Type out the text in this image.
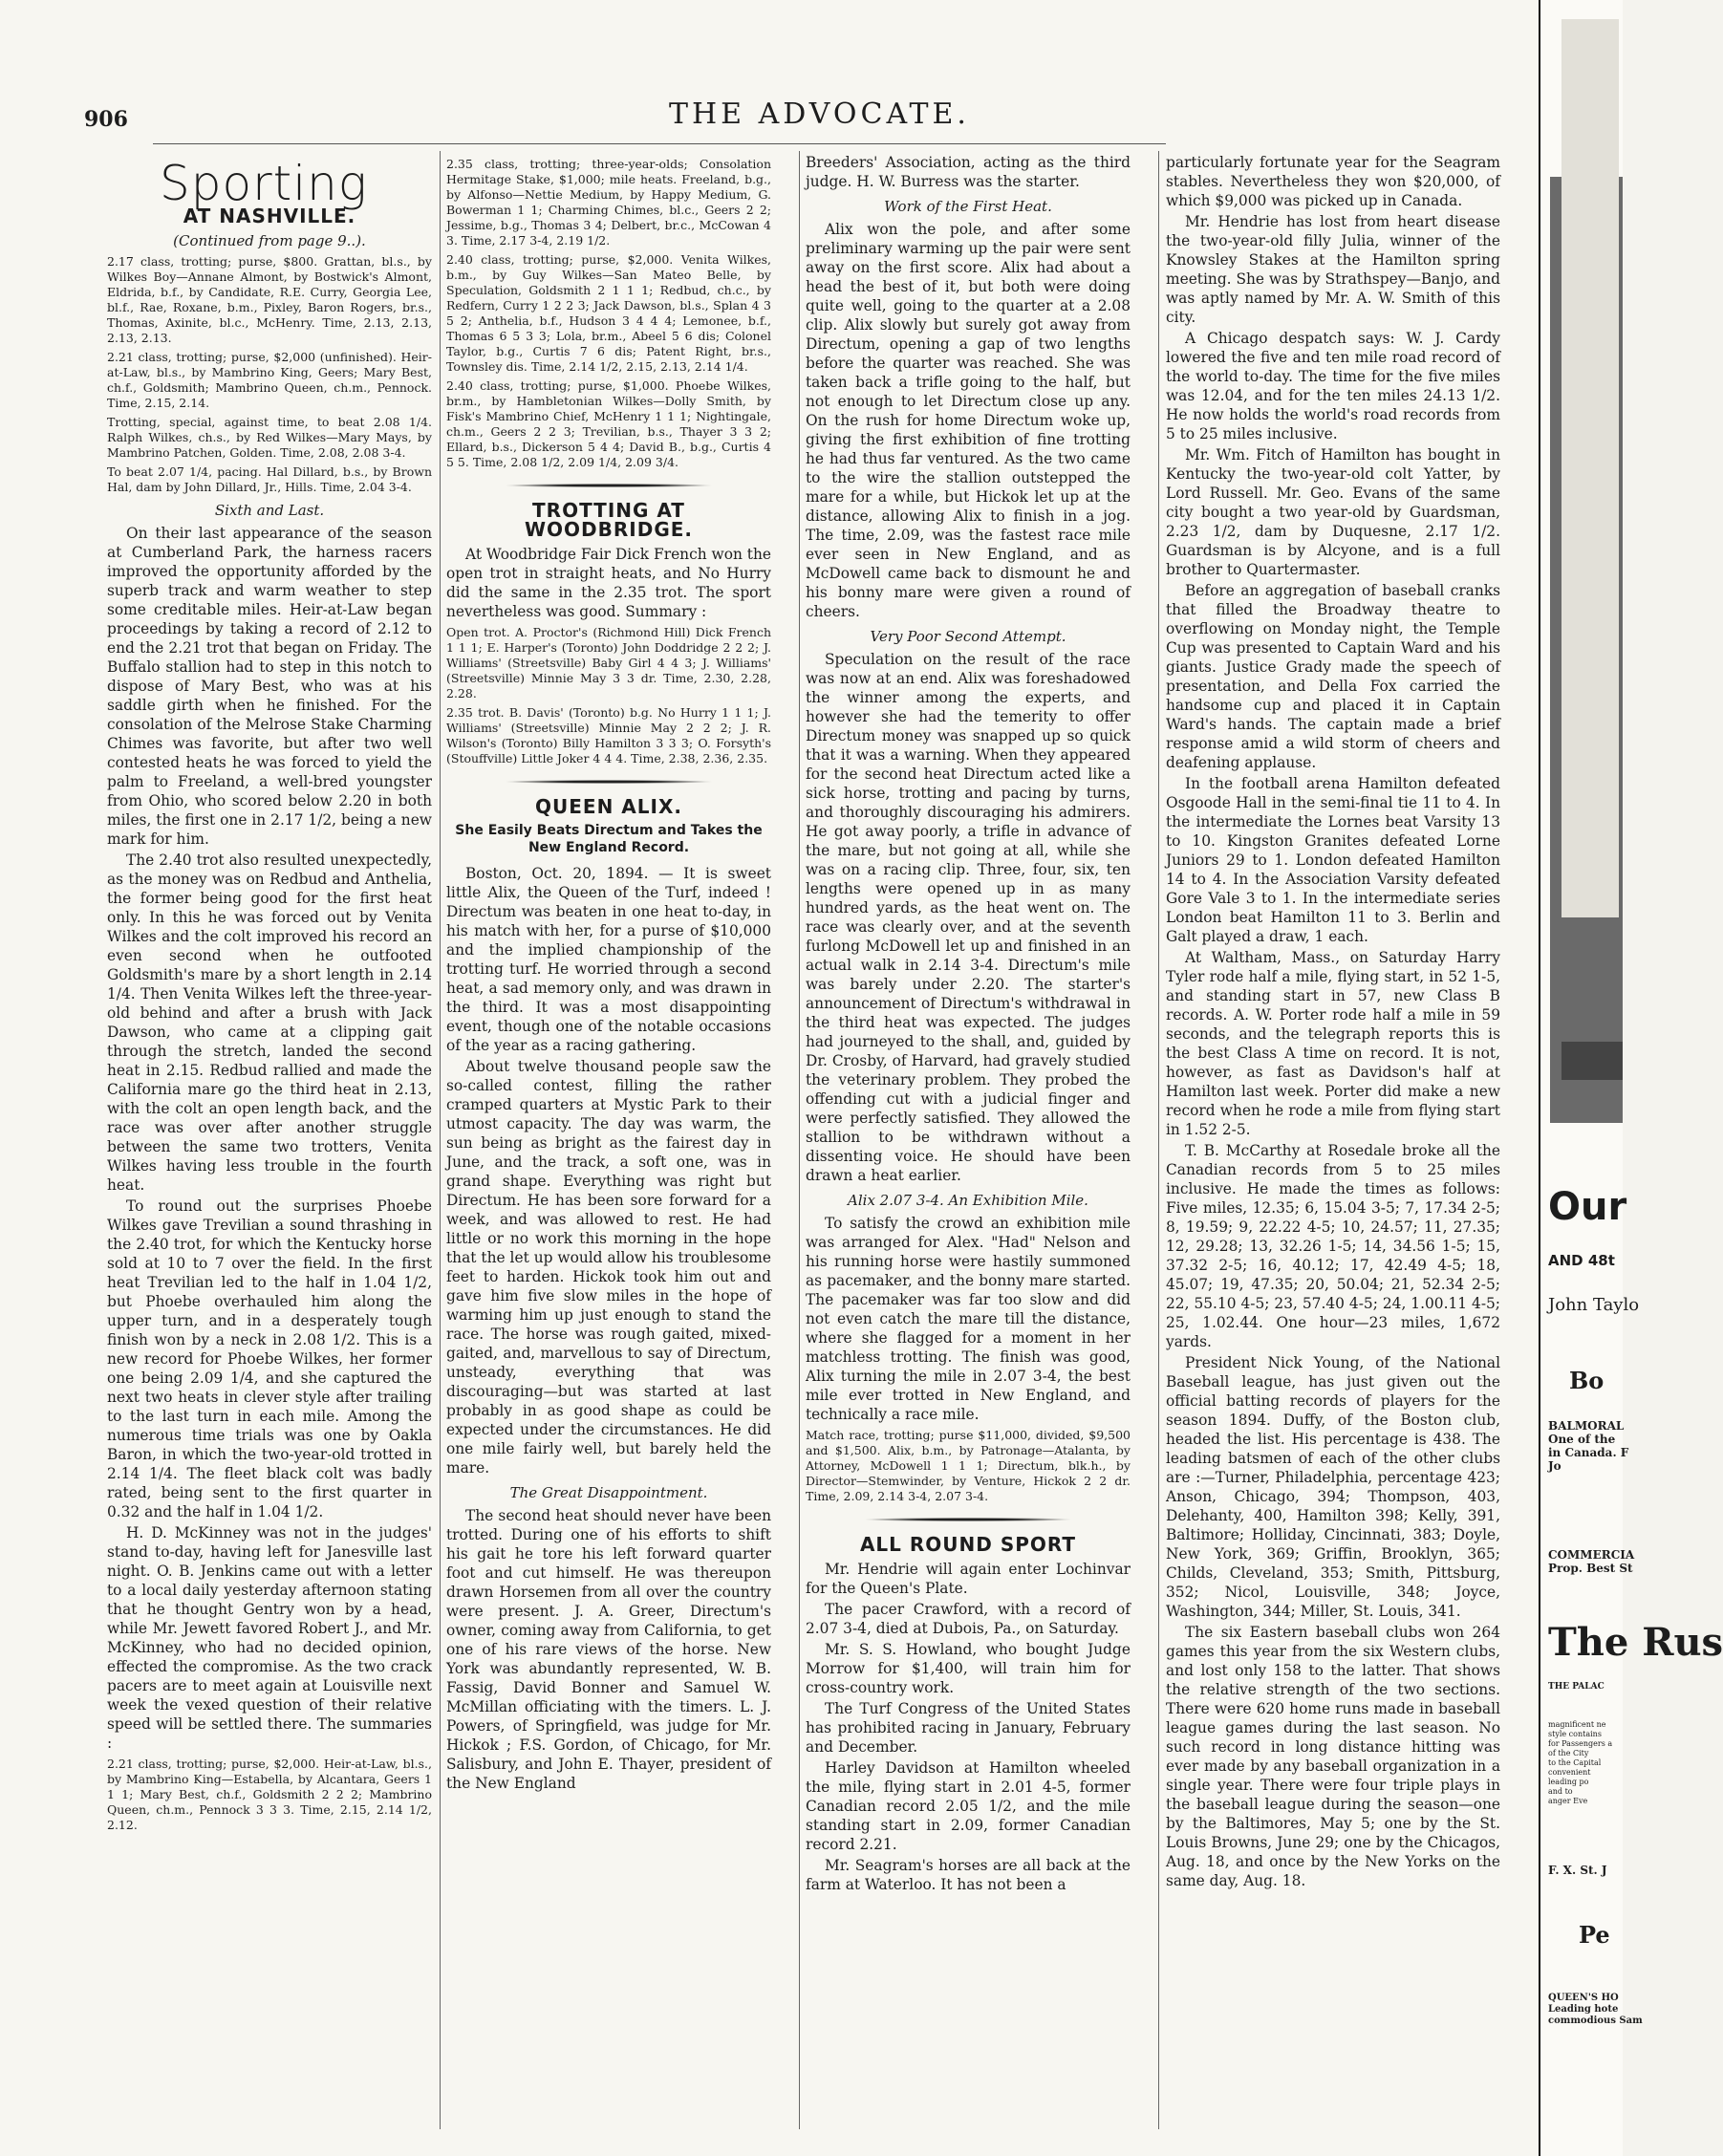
906	THE ADVOCATE.
Sporting
AT NASHVILLE.
(Continued from page 9..).

2.17 class, trotting; purse, $800. Grattan, bl.s., by Wilkes Boy—Annane Almont, by Bostwick's Almont, Eldrida, b.f., by Candidate, R.E. Curry, Georgia Lee, bl.f., Rae, Roxane, b.m., Pixley, Baron Rogers, br.s., Thomas, Axinite, bl.c., McHenry. Time, 2.13, 2.13, 2.13, 2.13.

2.21 class, trotting; purse, $2,000 (unfinished). Heir-at-Law, bl.s., by Mambrino King, Geers; Mary Best, ch.f., Goldsmith; Mambrino Queen, ch.m., Pennock. Time, 2.15, 2.14.

Trotting, special, against time, to beat 2.08 1/4. Ralph Wilkes, ch.s., by Red Wilkes—Mary Mays, by Mambrino Patchen, Golden. Time, 2.08, 2.08 3-4.

To beat 2.07 1/4, pacing. Hal Dillard, b.s., by Brown Hal, dam by John Dillard, Jr., Hills. Time, 2.04 3-4.

Sixth and Last.

On their last appearance of the season at Cumberland Park, the harness racers improved the opportunity afforded by the superb track and warm weather to step some creditable miles. Heir-at-Law began proceedings by taking a record of 2.12 to end the 2.21 trot that began on Friday. The Buffalo stallion had to step in this notch to dispose of Mary Best, who was at his saddle girth when he finished. For the consolation of the Melrose Stake Charming Chimes was favorite, but after two well contested heats he was forced to yield the palm to Freeland, a well-bred youngster from Ohio, who scored below 2.20 in both miles, the first one in 2.17 1/2, being a new mark for him.

The 2.40 trot also resulted unexpectedly, as the money was on Redbud and Anthelia, the former being good for the first heat only. In this he was forced out by Venita Wilkes and the colt improved his record an even second when he outfooted Goldsmith's mare by a short length in 2.14 1/4. Then Venita Wilkes left the three-year-old behind and after a brush with Jack Dawson, who came at a clipping gait through the stretch, landed the second heat in 2.15. Redbud rallied and made the California mare go the third heat in 2.13, with the colt an open length back, and the race was over after another struggle between the same two trotters, Venita Wilkes having less trouble in the fourth heat.

To round out the surprises Phoebe Wilkes gave Trevilian a sound thrashing in the 2.40 trot, for which the Kentucky horse sold at 10 to 7 over the field. In the first heat Trevilian led to the half in 1.04 1/2, but Phoebe overhauled him along the upper turn, and in a desperately tough finish won by a neck in 2.08 1/2. This is a new record for Phoebe Wilkes, her former one being 2.09 1/4, and she captured the next two heats in clever style after trailing to the last turn in each mile. Among the numerous time trials was one by Oakla Baron, in which the two-year-old trotted in 2.14 1/4. The fleet black colt was badly rated, being sent to the first quarter in 0.32 and the half in 1.04 1/2.

H. D. McKinney was not in the judges' stand to-day, having left for Janesville last night. O. B. Jenkins came out with a letter to a local daily yesterday afternoon stating that he thought Gentry won by a head, while Mr. Jewett favored Robert J., and Mr. McKinney, who had no decided opinion, effected the compromise. As the two crack pacers are to meet again at Louisville next week the vexed question of their relative speed will be settled there. The summaries :

2.21 class, trotting; purse, $2,000. Heir-at-Law, bl.s., by Mambrino King—Estabella, by Alcantara, Geers 1 1 1; Mary Best, ch.f., Goldsmith 2 2 2; Mambrino Queen, ch.m., Pennock 3 3 3. Time, 2.15, 2.14 1/2, 2.12.

2.35 class, trotting; three-year-olds; Consolation Hermitage Stake, $1,000; mile heats. Freeland, b.g., by Alfonso—Nettie Medium, by Happy Medium, G. Bowerman 1 1; Charming Chimes, bl.c., Geers 2 2; Jessime, b.g., Thomas 3 4; Delbert, br.c., McCowan 4 3. Time, 2.17 3-4, 2.19 1/2.

2.40 class, trotting; purse, $2,000. Venita Wilkes, b.m., by Guy Wilkes—San Mateo Belle, by Speculation, Goldsmith 2 1 1 1; Redbud, ch.c., by Redfern, Curry 1 2 2 3; Jack Dawson, bl.s., Splan 4 3 5 2; Anthelia, b.f., Hudson 3 4 4 4; Lemonee, b.f., Thomas 6 5 3 3; Lola, br.m., Abeel 5 6 dis; Colonel Taylor, b.g., Curtis 7 6 dis; Patent Right, br.s., Townsley dis. Time, 2.14 1/2, 2.15, 2.13, 2.14 1/4.

2.40 class, trotting; purse, $1,000. Phoebe Wilkes, br.m., by Hambletonian Wilkes—Dolly Smith, by Fisk's Mambrino Chief, McHenry 1 1 1; Nightingale, ch.m., Geers 2 2 3; Trevilian, b.s., Thayer 3 3 2; Ellard, b.s., Dickerson 5 4 4; David B., b.g., Curtis 4 5 5. Time, 2.08 1/2, 2.09 1/4, 2.09 3/4.

TROTTING AT WOODBRIDGE.

At Woodbridge Fair Dick French won the open trot in straight heats, and No Hurry did the same in the 2.35 trot. The sport nevertheless was good. Summary :

Open trot. A. Proctor's (Richmond Hill) Dick French 1 1 1; E. Harper's (Toronto) John Doddridge 2 2 2; J. Williams' (Streetsville) Baby Girl 4 4 3; J. Williams' (Streetsville) Minnie May 3 3 dr. Time, 2.30, 2.28, 2.28.

2.35 trot. B. Davis' (Toronto) b.g. No Hurry 1 1 1; J. Williams' (Streetsville) Minnie May 2 2 2; J. R. Wilson's (Toronto) Billy Hamilton 3 3 3; O. Forsyth's (Stouffville) Little Joker 4 4 4. Time, 2.38, 2.36, 2.35.

QUEEN ALIX.
She Easily Beats Directum and Takes the New England Record.

Boston, Oct. 20, 1894. — It is sweet little Alix, the Queen of the Turf, indeed ! Directum was beaten in one heat to-day, in his match with her, for a purse of $10,000 and the implied championship of the trotting turf. He worried through a second heat, a sad memory only, and was drawn in the third. It was a most disappointing event, though one of the notable occasions of the year as a racing gathering.

About twelve thousand people saw the so-called contest, filling the rather cramped quarters at Mystic Park to their utmost capacity. The day was warm, the sun being as bright as the fairest day in June, and the track, a soft one, was in grand shape. Everything was right but Directum. He has been sore forward for a week, and was allowed to rest. He had little or no work this morning in the hope that the let up would allow his troublesome feet to harden. Hickok took him out and gave him five slow miles in the hope of warming him up just enough to stand the race. The horse was rough gaited, mixed-gaited, and, marvellous to say of Directum, unsteady, everything that was discouraging—but was started at last probably in as good shape as could be expected under the circumstances. He did one mile fairly well, but barely held the mare.

The Great Disappointment.

The second heat should never have been trotted. During one of his efforts to shift his gait he tore his left forward quarter foot and cut himself. He was thereupon drawn Horsemen from all over the country were present. J. A. Greer, Directum's owner, coming away from California, to get one of his rare views of the horse. New York was abundantly represented, W. B. Fassig, David Bonner and Samuel W. McMillan officiating with the timers. L. J. Powers, of Springfield, was judge for Mr. Hickok ; F.S. Gordon, of Chicago, for Mr. Salisbury, and John E. Thayer, president of the New England

Breeders' Association, acting as the third judge. H. W. Burress was the starter.

Work of the First Heat.

Alix won the pole, and after some preliminary warming up the pair were sent away on the first score. Alix had about a head the best of it, but both were doing quite well, going to the quarter at a 2.08 clip. Alix slowly but surely got away from Directum, opening a gap of two lengths before the quarter was reached. She was taken back a trifle going to the half, but not enough to let Directum close up any. On the rush for home Directum woke up, giving the first exhibition of fine trotting he had thus far ventured. As the two came to the wire the stallion outstepped the mare for a while, but Hickok let up at the distance, allowing Alix to finish in a jog. The time, 2.09, was the fastest race mile ever seen in New England, and as McDowell came back to dismount he and his bonny mare were given a round of cheers.

Very Poor Second Attempt.

Speculation on the result of the race was now at an end. Alix was foreshadowed the winner among the experts, and however she had the temerity to offer Directum money was snapped up so quick that it was a warning. When they appeared for the second heat Directum acted like a sick horse, trotting and pacing by turns, and thoroughly discouraging his admirers. He got away poorly, a trifle in advance of the mare, but not going at all, while she was on a racing clip. Three, four, six, ten lengths were opened up in as many hundred yards, as the heat went on. The race was clearly over, and at the seventh furlong McDowell let up and finished in an actual walk in 2.14 3-4. Directum's mile was barely under 2.20. The starter's announcement of Directum's withdrawal in the third heat was expected. The judges had journeyed to the shall, and, guided by Dr. Crosby, of Harvard, had gravely studied the veterinary problem. They probed the offending cut with a judicial finger and were perfectly satisfied. They allowed the stallion to be withdrawn without a dissenting voice. He should have been drawn a heat earlier.

Alix 2.07 3-4. An Exhibition Mile.

To satisfy the crowd an exhibition mile was arranged for Alex. "Had" Nelson and his running horse were hastily summoned as pacemaker, and the bonny mare started. The pacemaker was far too slow and did not even catch the mare till the distance, where she flagged for a moment in her matchless trotting. The finish was good, Alix turning the mile in 2.07 3-4, the best mile ever trotted in New England, and technically a race mile.

Match race, trotting; purse $11,000, divided, $9,500 and $1,500. Alix, b.m., by Patronage—Atalanta, by Attorney, McDowell 1 1 1; Directum, blk.h., by Director—Stemwinder, by Venture, Hickok 2 2 dr. Time, 2.09, 2.14 3-4, 2.07 3-4.

ALL ROUND SPORT

Mr. Hendrie will again enter Lochinvar for the Queen's Plate.

The pacer Crawford, with a record of 2.07 3-4, died at Dubois, Pa., on Saturday.

Mr. S. S. Howland, who bought Judge Morrow for $1,400, will train him for cross-country work.

The Turf Congress of the United States has prohibited racing in January, February and December.

Harley Davidson at Hamilton wheeled the mile, flying start in 2.01 4-5, former Canadian record 2.05 1/2, and the mile standing start in 2.09, former Canadian record 2.21.

Mr. Seagram's horses are all back at the farm at Waterloo. It has not been a

particularly fortunate year for the Seagram stables. Nevertheless they won $20,000, of which $9,000 was picked up in Canada.

Mr. Hendrie has lost from heart disease the two-year-old filly Julia, winner of the Knowsley Stakes at the Hamilton spring meeting. She was by Strathspey—Banjo, and was aptly named by Mr. A. W. Smith of this city.

A Chicago despatch says: W. J. Cardy lowered the five and ten mile road record of the world to-day. The time for the five miles was 12.04, and for the ten miles 24.13 1/2. He now holds the world's road records from 5 to 25 miles inclusive.

Mr. Wm. Fitch of Hamilton has bought in Kentucky the two-year-old colt Yatter, by Lord Russell. Mr. Geo. Evans of the same city bought a two year-old by Guardsman, 2.23 1/2, dam by Duquesne, 2.17 1/2. Guardsman is by Alcyone, and is a full brother to Quartermaster.

Before an aggregation of baseball cranks that filled the Broadway theatre to overflowing on Monday night, the Temple Cup was presented to Captain Ward and his giants. Justice Grady made the speech of presentation, and Della Fox carried the handsome cup and placed it in Captain Ward's hands. The captain made a brief response amid a wild storm of cheers and deafening applause.

In the football arena Hamilton defeated Osgoode Hall in the semi-final tie 11 to 4. In the intermediate the Lornes beat Varsity 13 to 10. Kingston Granites defeated Lorne Juniors 29 to 1. London defeated Hamilton 14 to 4. In the Association Varsity defeated Gore Vale 3 to 1. In the intermediate series London beat Hamilton 11 to 3. Berlin and Galt played a draw, 1 each.

At Waltham, Mass., on Saturday Harry Tyler rode half a mile, flying start, in 52 1-5, and standing start in 57, new Class B records. A. W. Porter rode half a mile in 59 seconds, and the telegraph reports this is the best Class A time on record. It is not, however, as fast as Davidson's half at Hamilton last week. Porter did make a new record when he rode a mile from flying start in 1.52 2-5.

T. B. McCarthy at Rosedale broke all the Canadian records from 5 to 25 miles inclusive. He made the times as follows: Five miles, 12.35; 6, 15.04 3-5; 7, 17.34 2-5; 8, 19.59; 9, 22.22 4-5; 10, 24.57; 11, 27.35; 12, 29.28; 13, 32.26 1-5; 14, 34.56 1-5; 15, 37.32 2-5; 16, 40.12; 17, 42.49 4-5; 18, 45.07; 19, 47.35; 20, 50.04; 21, 52.34 2-5; 22, 55.10 4-5; 23, 57.40 4-5; 24, 1.00.11 4-5; 25, 1.02.44. One hour—23 miles, 1,672 yards.

President Nick Young, of the National Baseball league, has just given out the official batting records of players for the season 1894. Duffy, of the Boston club, headed the list. His percentage is 438. The leading batsmen of each of the other clubs are :—Turner, Philadelphia, percentage 423; Anson, Chicago, 394; Thompson, 403, Delehanty, 400, Hamilton 398; Kelly, 391, Baltimore; Holliday, Cincinnati, 383; Doyle, New York, 369; Griffin, Brooklyn, 365; Childs, Cleveland, 353; Smith, Pittsburg, 352; Nicol, Louisville, 348; Joyce, Washington, 344; Miller, St. Louis, 341.

The six Eastern baseball clubs won 264 games this year from the six Western clubs, and lost only 158 to the latter. That shows the relative strength of the two sections. There were 620 home runs made in baseball league games during the last season. No such record in long distance hitting was ever made by any baseball organization in a single year. There were four triple plays in the baseball league during the season—one by the Baltimores, May 5; one by the St. Louis Browns, June 29; one by the Chicagos, Aug. 18, and once by the New Yorks on the same day, Aug. 18.

Our
AND 48t
John Taylo
Bo
BALMORAL
One of the
in Canada. F
Jo
COMMERCIA
Prop. Best St
The Rus
THE PALAC
magnificent ne
style contains
for Passengers a
of the City
to the Capital
convenient
leading po
and to
anger Eve
F. X. St. J
Pe
QUEEN'S HO
Leading hote
commodious Sam
